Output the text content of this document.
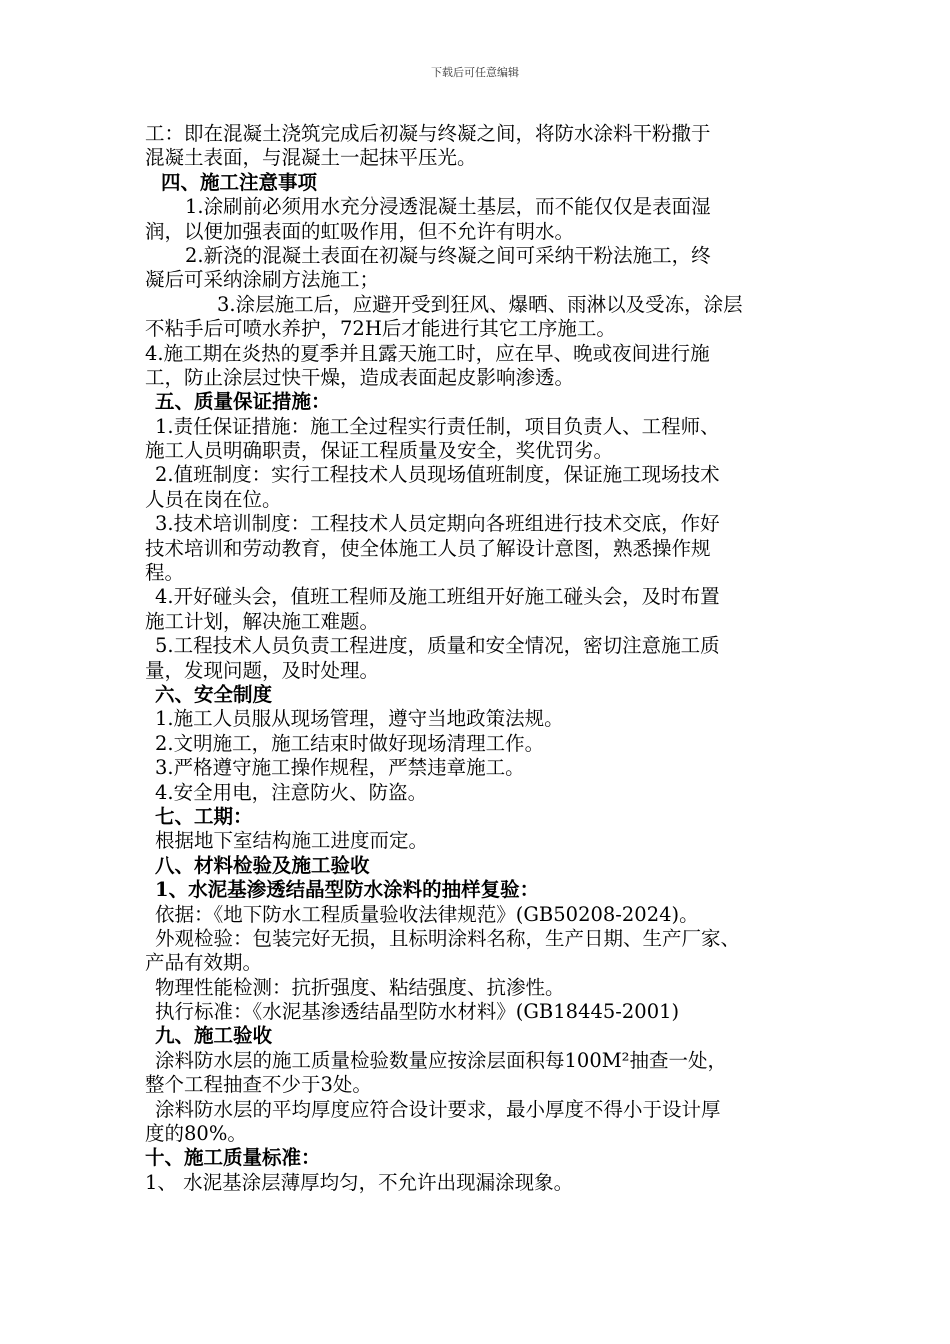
下载后可任意编辑
工：即在混凝土浇筑完成后初凝与终凝之间，将防水涂料干粉撒于
混凝土表面，与混凝土一起抹平压光。
四、施工注意事项
1.涂刷前必须用水充分浸透混凝土基层，而不能仅仅是表面湿
润，以便加强表面的虹吸作用，但不允许有明水。
2.新浇的混凝土表面在初凝与终凝之间可采纳干粉法施工，终
凝后可采纳涂刷方法施工；
3.涂层施工后，应避开受到狂风、爆晒、雨淋以及受冻，涂层
不粘手后可喷水养护，72H后才能进行其它工序施工。
4.施工期在炎热的夏季并且露天施工时，应在早、晚或夜间进行施
工，防止涂层过快干燥，造成表面起皮影响渗透。
五、质量保证措施：
1.责任保证措施：施工全过程实行责任制，项目负责人、工程师、
施工人员明确职责，保证工程质量及安全，奖优罚劣。
2.值班制度：实行工程技术人员现场值班制度，保证施工现场技术
人员在岗在位。
3.技术培训制度：工程技术人员定期向各班组进行技术交底，作好
技术培训和劳动教育，使全体施工人员了解设计意图，熟悉操作规
程。
4.开好碰头会，值班工程师及施工班组开好施工碰头会，及时布置
施工计划，解决施工难题。
5.工程技术人员负责工程进度，质量和安全情况，密切注意施工质
量，发现问题，及时处理。
六、安全制度
1.施工人员服从现场管理，遵守当地政策法规。
2.文明施工，施工结束时做好现场清理工作。
3.严格遵守施工操作规程，严禁违章施工。
4.安全用电，注意防火、防盗。
七、工期：
根据地下室结构施工进度而定。
八、材料检验及施工验收
1、水泥基渗透结晶型防水涂料的抽样复验：
依据：《地下防水工程质量验收法律规范》(GB50208-2024)。
外观检验：包装完好无损，且标明涂料名称，生产日期、生产厂家、
产品有效期。
物理性能检测：抗折强度、粘结强度、抗渗性。
执行标准：《水泥基渗透结晶型防水材料》(GB18445-2001)
九、施工验收
涂料防水层的施工质量检验数量应按涂层面积每100M²抽查一处，
整个工程抽查不少于3处。
涂料防水层的平均厚度应符合设计要求，最小厚度不得小于设计厚
度的80%。
十、施工质量标准：
1、 水泥基涂层薄厚均匀，不允许出现漏涂现象。
